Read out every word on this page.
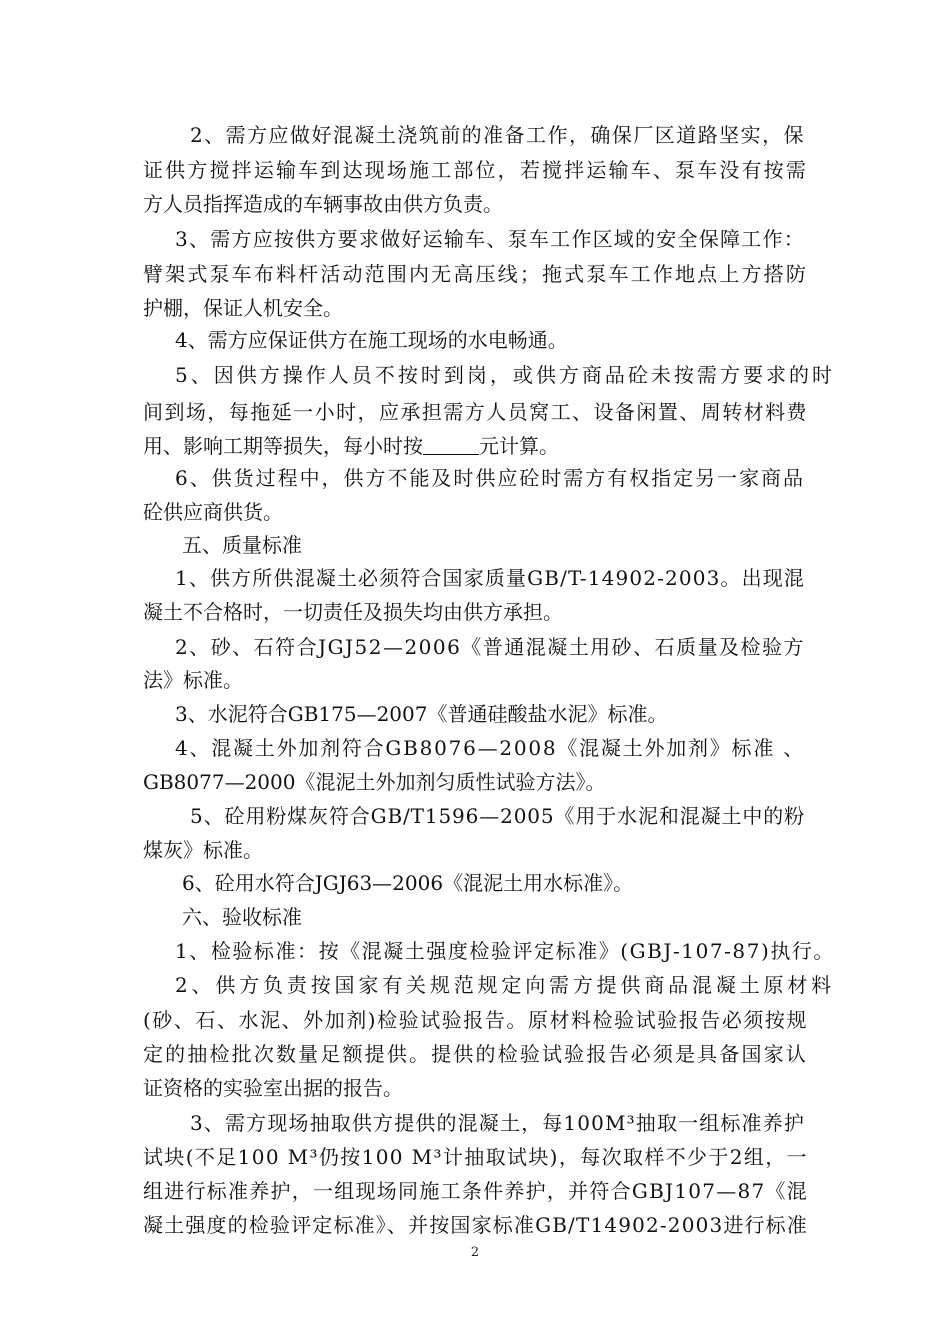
2、需方应做好混凝土浇筑前的准备工作，确保厂区道路坚实，保
证供方搅拌运输车到达现场施工部位，若搅拌运输车、泵车没有按需
方人员指挥造成的车辆事故由供方负责。
3、需方应按供方要求做好运输车、泵车工作区域的安全保障工作：
臂架式泵车布料杆活动范围内无高压线；拖式泵车工作地点上方搭防
护棚，保证人机安全。
4、需方应保证供方在施工现场的水电畅通。
5、因供方操作人员不按时到岗，或供方商品砼未按需方要求的时
间到场，每拖延一小时，应承担需方人员窝工、设备闲置、周转材料费
用、影响工期等损失，每小时按	元计算。
6、供货过程中，供方不能及时供应砼时需方有权指定另一家商品
砼供应商供货。
五、质量标准
1、供方所供混凝土必须符合国家质量GB/T-14902-2003。出现混
凝土不合格时，一切责任及损失均由供方承担。
2、砂、石符合JGJ52—2006《普通混凝土用砂、石质量及检验方
法》标准。
3、水泥符合GB175—2007《普通硅酸盐水泥》标准。
4、混凝土外加剂符合GB8076—2008《混凝土外加剂》标准 、
GB8077—2000《混泥土外加剂匀质性试验方法》。
5、砼用粉煤灰符合GB/T1596—2005《用于水泥和混凝土中的粉
煤灰》标准。
6、砼用水符合JGJ63—2006《混泥土用水标准》。
六、验收标准
1、检验标准：按《混凝土强度检验评定标准》(GBJ-107-87)执行。
2、供方负责按国家有关规范规定向需方提供商品混凝土原材料
(砂、石、水泥、外加剂)检验试验报告。原材料检验试验报告必须按规
定的抽检批次数量足额提供。提供的检验试验报告必须是具备国家认
证资格的实验室出据的报告。
3、需方现场抽取供方提供的混凝土，每100M³抽取一组标准养护
试块(不足100 M³仍按100 M³计抽取试块)，每次取样不少于2组，一
组进行标准养护，一组现场同施工条件养护，并符合GBJ107—87《混
凝土强度的检验评定标准》、并按国家标准GB/T14902-2003进行标准
2
